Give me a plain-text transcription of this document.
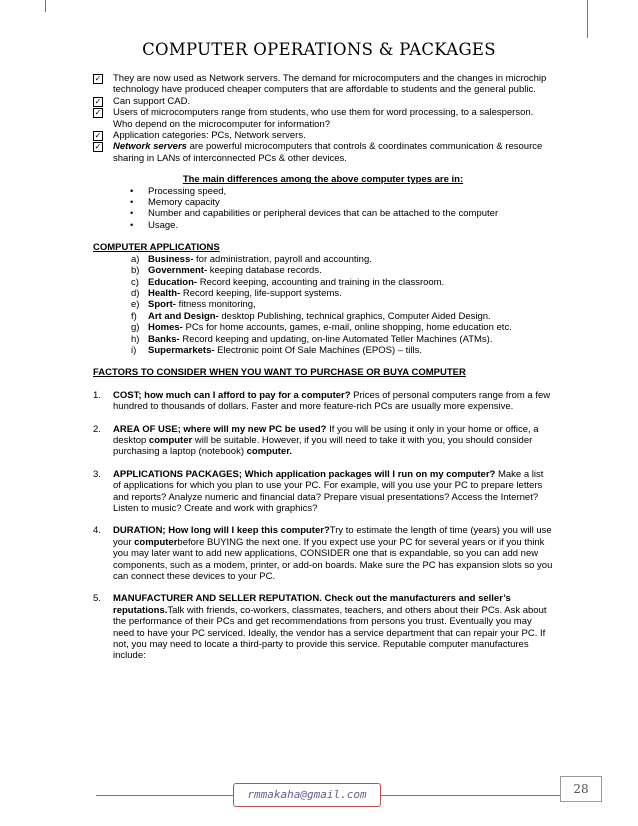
COMPUTER OPERATIONS & PACKAGES
✓ They are now used as Network servers. The demand for microcomputers and the changes in microchip technology have produced cheaper computers that are affordable to students and the general public.
✓ Can support CAD.
✓ Users of microcomputers range from students, who use them for word processing, to a salesperson. Who depend on the microcomputer for information?
✓ Application categories: PCs, Network servers.
✓ Network servers are powerful microcomputers that controls & coordinates communication & resource sharing in LANs of interconnected PCs & other devices.
The main differences among the above computer types are in:
• Processing speed,
• Memory capacity
• Number and capabilities or peripheral devices that can be attached to the computer
• Usage.
COMPUTER APPLICATIONS
a) Business- for administration, payroll and accounting.
b) Government- keeping database records.
c) Education- Record keeping, accounting and training in the classroom.
d) Health- Record keeping, life-support systems.
e) Sport- fitness monitoring,
f) Art and Design- desktop Publishing, technical graphics, Computer Aided Design.
g) Homes- PCs for home accounts, games, e-mail, online shopping, home education etc.
h) Banks- Record keeping and updating, on-line Automated Teller Machines (ATMs).
i) Supermarkets- Electronic point Of Sale Machines (EPOS) – tills.
FACTORS TO CONSIDER WHEN YOU WANT TO PURCHASE OR BUYA COMPUTER
1. COST; how much can I afford to pay for a computer? Prices of personal computers range from a few hundred to thousands of dollars. Faster and more feature-rich PCs are usually more expensive.
2. AREA OF USE; where will my new PC be used? If you will be using it only in your home or office, a desktop computer will be suitable. However, if you will need to take it with you, you should consider purchasing a laptop (notebook) computer.
3. APPLICATIONS PACKAGES; Which application packages will I run on my computer? Make a list of applications for which you plan to use your PC. For example, will you use your PC to prepare letters and reports? Analyze numeric and financial data? Prepare visual presentations? Access the Internet? Listen to music? Create and work with graphics?
4. DURATION; How long will I keep this computer?Try to estimate the length of time (years) you will use your computerbefore BUYING the next one. If you expect use your PC for several years or if you think you may later want to add new applications, CONSIDER one that is expandable, so you can add new components, such as a modem, printer, or add-on boards. Make sure the PC has expansion slots so you can connect these devices to your PC.
5. MANUFACTURER AND SELLER REPUTATION. Check out the manufacturers and seller’s reputations.Talk with friends, co-workers, classmates, teachers, and others about their PCs. Ask about the performance of their PCs and get recommendations from persons you trust. Eventually you may need to have your PC serviced. Ideally, the vendor has a service department that can repair your PC. If not, you may need to locate a third-party to provide this service. Reputable computer manufactures include:
rmmakaha@gmail.com	28
